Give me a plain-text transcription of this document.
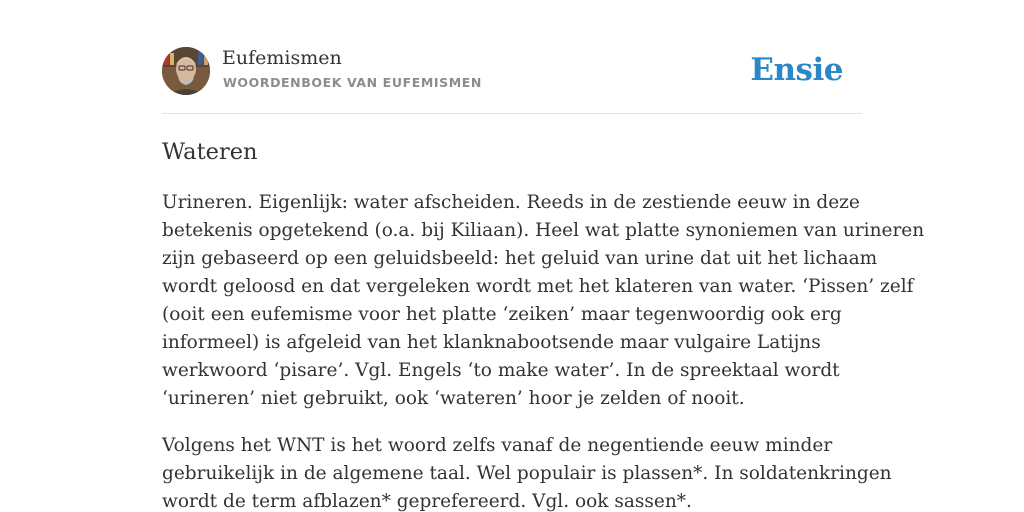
Eufemismen
WOORDENBOEK VAN EUFEMISMEN	Ensie
Wateren

Urineren. Eigenlijk: water afscheiden. Reeds in de zestiende eeuw in deze
betekenis opgetekend (o.a. bij Kiliaan). Heel wat platte synoniemen van urineren
zijn gebaseerd op een geluidsbeeld: het geluid van urine dat uit het lichaam
wordt geloosd en dat vergeleken wordt met het klateren van water. ‘Pissen’ zelf
(ooit een eufemisme voor het platte ‘zeiken’ maar tegenwoordig ook erg
informeel) is afgeleid van het klanknabootsende maar vulgaire Latijns
werkwoord ‘pisare’. Vgl. Engels ‘to make water’. In de spreektaal wordt
‘urineren’ niet gebruikt, ook ‘wateren’ hoor je zelden of nooit.

Volgens het WNT is het woord zelfs vanaf de negentiende eeuw minder
gebruikelijk in de algemene taal. Wel populair is plassen*. In soldatenkringen
wordt de term afblazen* geprefereerd. Vgl. ook sassen*.
